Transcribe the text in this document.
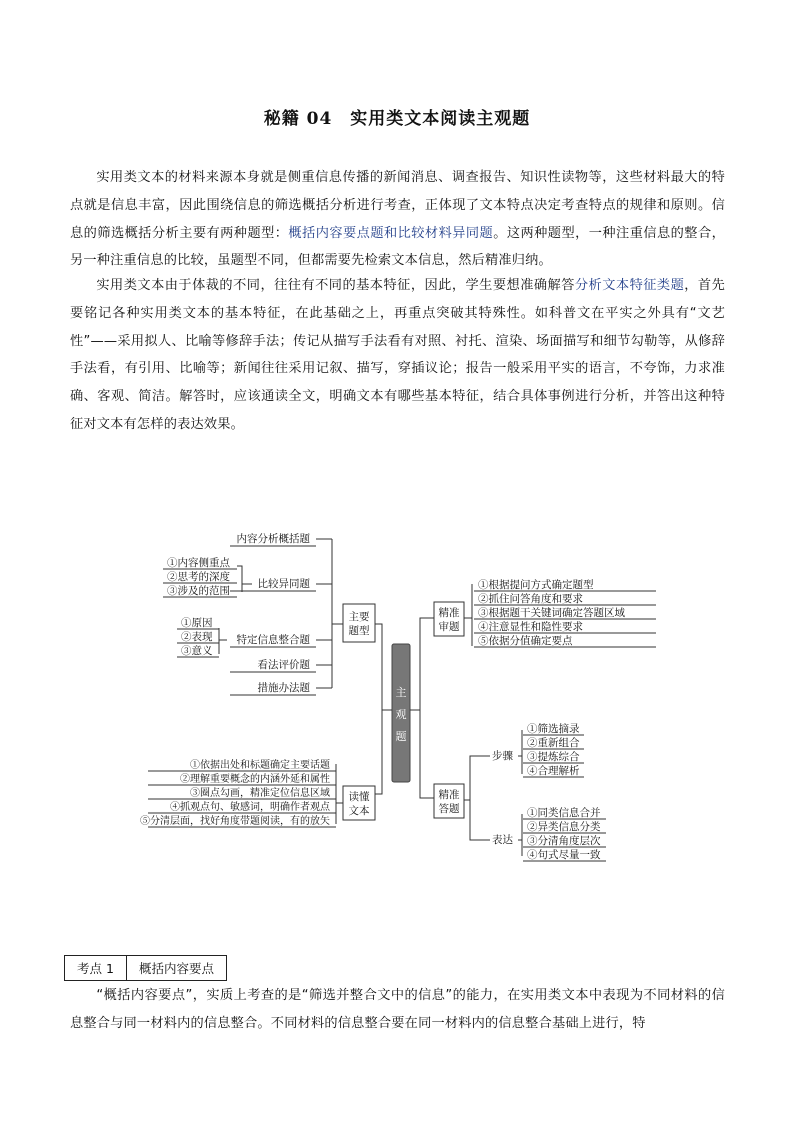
秘籍 04　实用类文本阅读主观题
实用类文本的材料来源本身就是侧重信息传播的新闻消息、调查报告、知识性读物等，这些材料最大的特点就是信息丰富，因此围绕信息的筛选概括分析进行考查，正体现了文本特点决定考查特点的规律和原则。信息的筛选概括分析主要有两种题型：概括内容要点题和比较材料异同题。这两种题型，一种注重信息的整合，另一种注重信息的比较，虽题型不同，但都需要先检索文本信息，然后精准归纳。
实用类文本由于体裁的不同，往往有不同的基本特征，因此，学生要想准确解答分析文本特征类题，首先要铭记各种实用类文本的基本特征，在此基础之上，再重点突破其特殊性。如科普文在平实之外具有“文艺性”——采用拟人、比喻等修辞手法；传记从描写手法看有对照、衬托、渲染、场面描写和细节勾勒等，从修辞手法看，有引用、比喻等；新闻往往采用记叙、描写，穿插议论；报告一般采用平实的语言，不夸饰，力求准确、客观、简洁。解答时，应该通读全文，明确文本有哪些基本特征，结合具体事例进行分析，并答出这种特征对文本有怎样的表达效果。
主
观
题
主要
题型
读懂
文本
精准
审题
精准
答题
内容分析概括题
比较异同题
特定信息整合题
看法评价题
措施办法题
①内容侧重点
②思考的深度
③涉及的范围
①原因
②表现
③意义
①依据出处和标题确定主要话题
②理解重要概念的内涵外延和属性
③圈点勾画，精准定位信息区域
④抓观点句、敏感词，明确作者观点
⑤分清层面，找好角度带题阅读，有的放矢
①根据提问方式确定题型
②抓住问答角度和要求
③根据题干关键词确定答题区域
④注意显性和隐性要求
⑤依据分值确定要点
步骤
表达
①筛选摘录
②重新组合
③提炼综合
④合理解析
①同类信息合并
②异类信息分类
③分清角度层次
④句式尽量一致
考点 1	概括内容要点
“概括内容要点”，实质上考查的是“筛选并整合文中的信息”的能力，在实用类文本中表现为不同材料的信息整合与同一材料内的信息整合。不同材料的信息整合要在同一材料内的信息整合基础上进行，特
